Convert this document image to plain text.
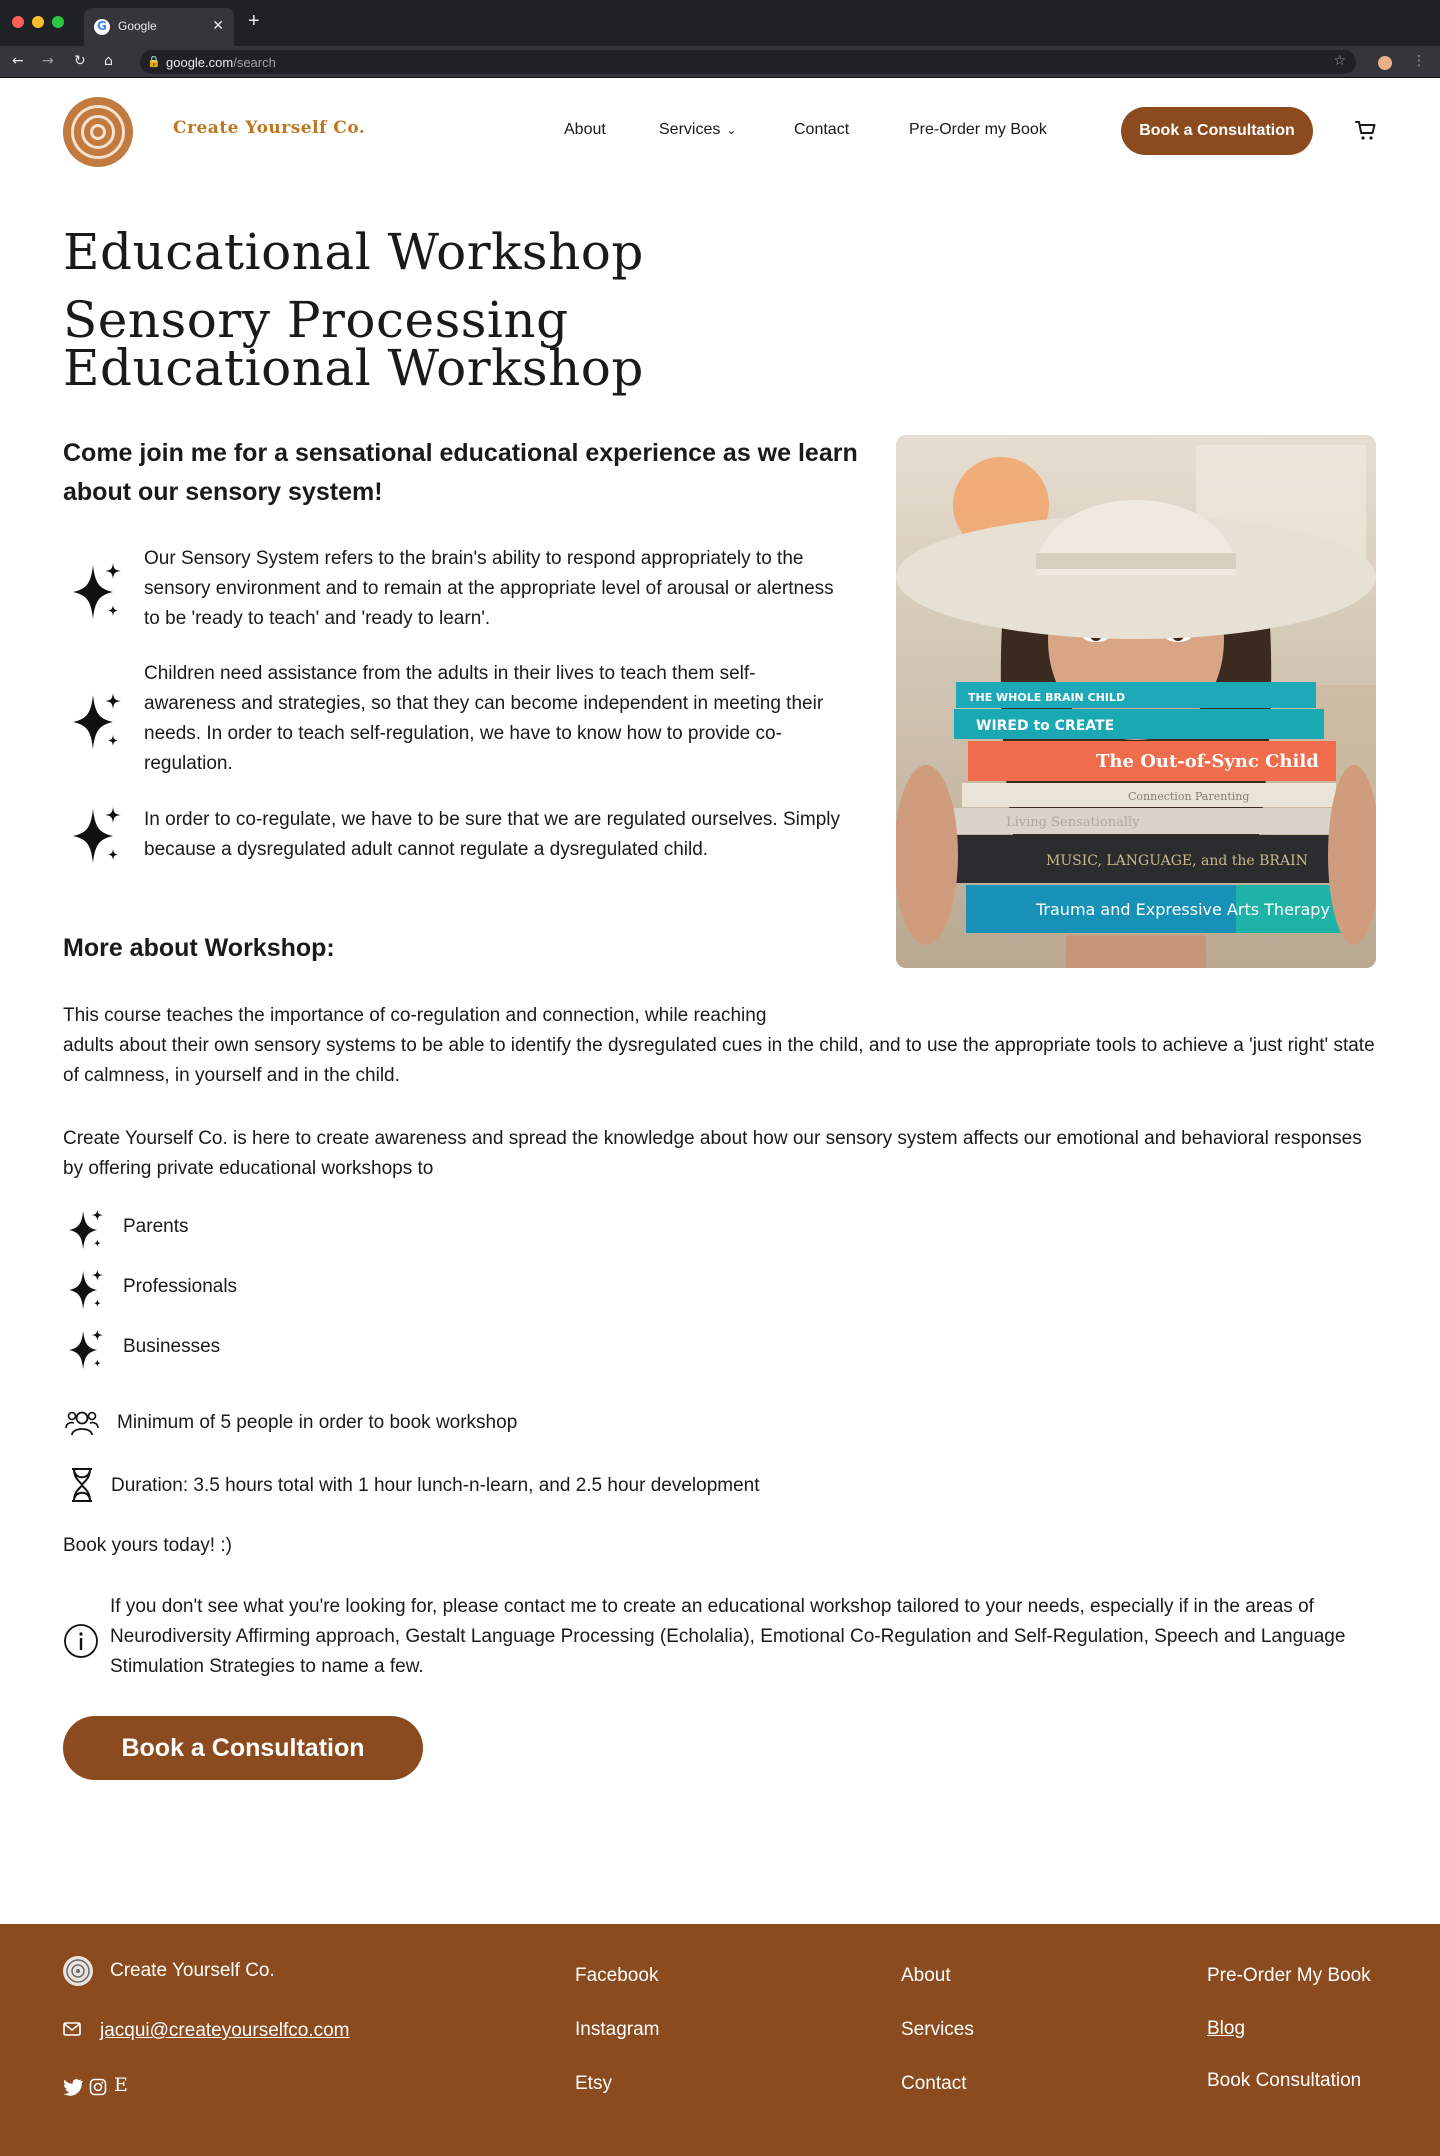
G Google	✕ +
← → ↻ ⌂	🔒 google.com/search	☆	⋮
Create Yourself Co.	About	Services ⌄	Contact	Pre-Order my Book	Book a Consultation
Educational Workshop
Sensory Processing Educational Workshop
Come join me for a sensational educational experience as we learn about our sensory system!
Our Sensory System refers to the brain's ability to respond appropriately to the sensory environment and to remain at the appropriate level of arousal or alertness to be 'ready to teach' and 'ready to learn'.
Children need assistance from the adults in their lives to teach them self-awareness and strategies, so that they can become independent in meeting their needs. In order to teach self-regulation, we have to know how to provide co-regulation.
In order to co-regulate, we have to be sure that we are regulated ourselves. Simply because a dysregulated adult cannot regulate a dysregulated child.
THE WHOLE BRAIN CHILD
WIRED to CREATE
The Out-of-Sync Child
Connection Parenting
Living Sensationally
MUSIC, LANGUAGE, and the BRAIN
Trauma and Expressive Arts Therapy
More about Workshop:
This course teaches the importance of co-regulation and connection, while reaching
adults about their own sensory systems to be able to identify the dysregulated cues in the child, and to use the appropriate tools to achieve a 'just right' state of calmness, in yourself and in the child.
Create Yourself Co. is here to create awareness and spread the knowledge about how our sensory system affects our emotional and behavioral responses by offering private educational workshops to
Parents
Professionals
Businesses
Minimum of 5 people in order to book workshop
Duration: 3.5 hours total with 1 hour lunch-n-learn, and 2.5 hour development
Book yours today! :)
If you don't see what you're looking for, please contact me to create an educational workshop tailored to your needs, especially if in the areas of Neurodiversity Affirming approach, Gestalt Language Processing (Echolalia), Emotional Co-Regulation and Self-Regulation, Speech and Language Stimulation Strategies to name a few.
Book a Consultation
Create Yourself Co.
jacqui@createyourselfco.com
E
Facebook
Instagram
Etsy
About
Services
Contact
Pre-Order My Book
Blog
Book Consultation
